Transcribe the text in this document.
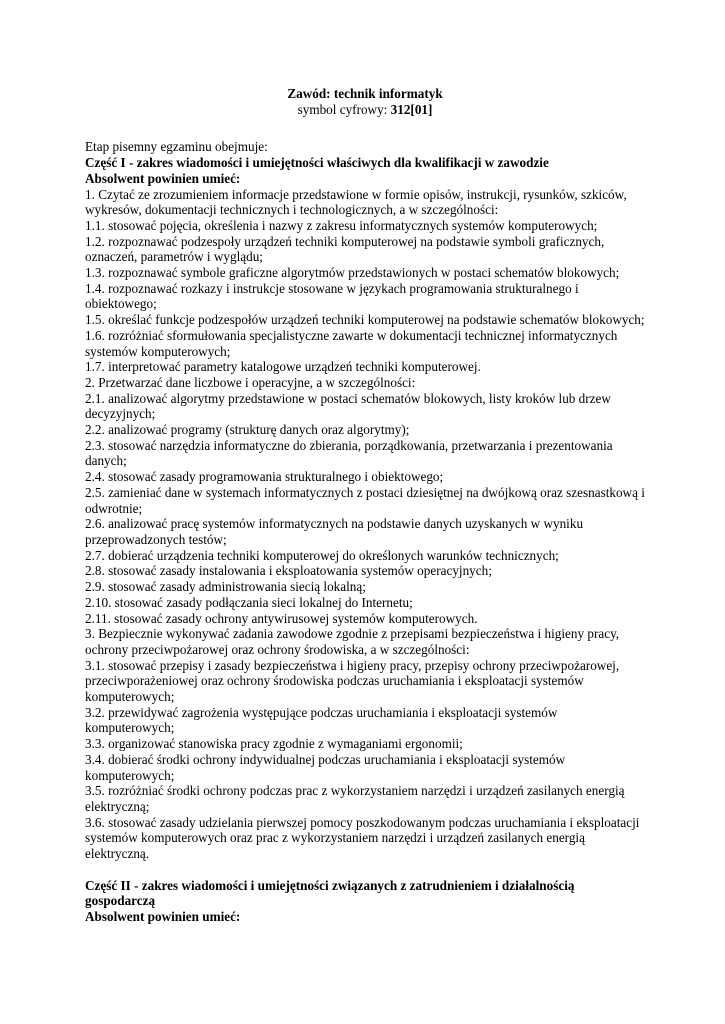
Zawód: technik informatyk
symbol cyfrowy: 312[01]
Etap pisemny egzaminu obejmuje:
Część I - zakres wiadomości i umiejętności właściwych dla kwalifikacji w zawodzie
Absolwent powinien umieć:
1. Czytać ze zrozumieniem informacje przedstawione w formie opisów, instrukcji, rysunków, szkiców, wykresów, dokumentacji technicznych i technologicznych, a w szczególności:
1.1. stosować pojęcia, określenia i nazwy z zakresu informatycznych systemów komputerowych;
1.2. rozpoznawać podzespoły urządzeń techniki komputerowej na podstawie symboli graficznych, oznaczeń, parametrów i wyglądu;
1.3. rozpoznawać symbole graficzne algorytmów przedstawionych w postaci schematów blokowych;
1.4. rozpoznawać rozkazy i instrukcje stosowane w językach programowania strukturalnego i obiektowego;
1.5. określać funkcje podzespołów urządzeń techniki komputerowej na podstawie schematów blokowych;
1.6. rozróżniać sformułowania specjalistyczne zawarte w dokumentacji technicznej informatycznych systemów komputerowych;
1.7. interpretować parametry katalogowe urządzeń techniki komputerowej.
2. Przetwarzać dane liczbowe i operacyjne, a w szczególności:
2.1. analizować algorytmy przedstawione w postaci schematów blokowych, listy kroków lub drzew decyzyjnych;
2.2. analizować programy (strukturę danych oraz algorytmy);
2.3. stosować narzędzia informatyczne do zbierania, porządkowania, przetwarzania i prezentowania danych;
2.4. stosować zasady programowania strukturalnego i obiektowego;
2.5. zamieniać dane w systemach informatycznych z postaci dziesiętnej na dwójkową oraz szesnastkową i odwrotnie;
2.6. analizować pracę systemów informatycznych na podstawie danych uzyskanych w wyniku przeprowadzonych testów;
2.7. dobierać urządzenia techniki komputerowej do określonych warunków technicznych;
2.8. stosować zasady instalowania i eksploatowania systemów operacyjnych;
2.9. stosować zasady administrowania siecią lokalną;
2.10. stosować zasady podłączania sieci lokalnej do Internetu;
2.11. stosować zasady ochrony antywirusowej systemów komputerowych.
3. Bezpiecznie wykonywać zadania zawodowe zgodnie z przepisami bezpieczeństwa i higieny pracy, ochrony przeciwpożarowej oraz ochrony środowiska, a w szczególności:
3.1. stosować przepisy i zasady bezpieczeństwa i higieny pracy, przepisy ochrony przeciwpożarowej, przeciwporażeniowej oraz ochrony środowiska podczas uruchamiania i eksploatacji systemów komputerowych;
3.2. przewidywać zagrożenia występujące podczas uruchamiania i eksploatacji systemów komputerowych;
3.3. organizować stanowiska pracy zgodnie z wymaganiami ergonomii;
3.4. dobierać środki ochrony indywidualnej podczas uruchamiania i eksploatacji systemów komputerowych;
3.5. rozróżniać środki ochrony podczas prac z wykorzystaniem narzędzi i urządzeń zasilanych energią elektryczną;
3.6. stosować zasady udzielania pierwszej pomocy poszkodowanym podczas uruchamiania i eksploatacji systemów komputerowych oraz prac z wykorzystaniem narzędzi i urządzeń zasilanych energią elektryczną.
Część II - zakres wiadomości i umiejętności związanych z zatrudnieniem i działalnością gospodarczą
Absolwent powinien umieć:
